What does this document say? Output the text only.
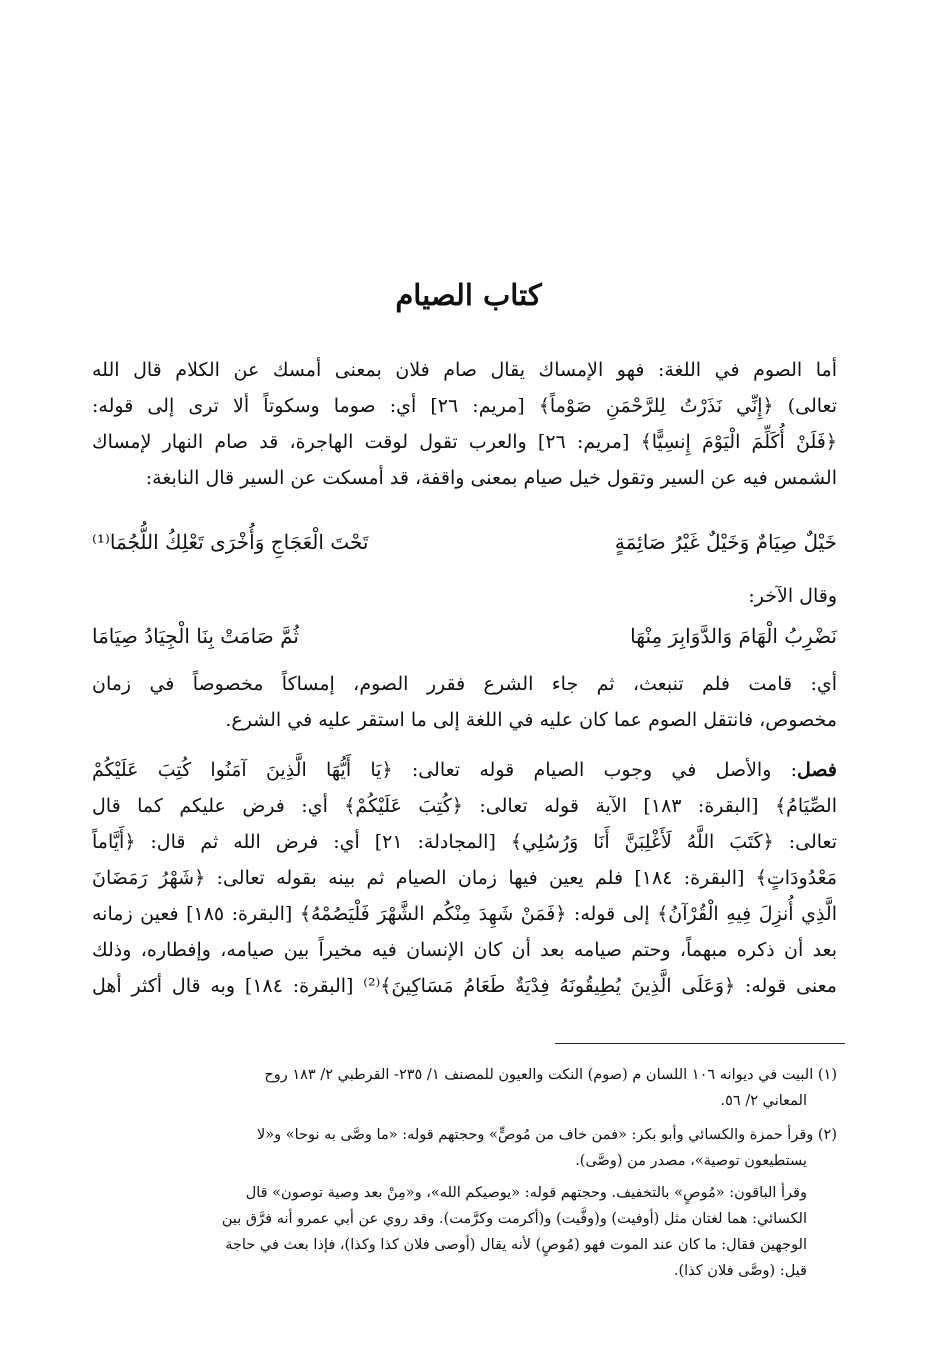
كتاب الصيام
أما الصوم في اللغة: فهو الإمساك يقال صام فلان بمعنى أمسك عن الكلام قال الله
تعالى) ﴿إِنِّي نَذَرْتُ لِلرَّحْمَنِ صَوْماً﴾ [مريم: ٢٦] أي: صوما وسكوتاً ألا ترى إلى قوله:
﴿فَلَنْ أُكَلِّمَ الْيَوْمَ إِنسِيًّا﴾ [مريم: ٢٦] والعرب تقول لوقت الهاجرة، قد صام النهار لإمساك
الشمس فيه عن السير وتقول خيل صيام بمعنى واقفة، قد أمسكت عن السير قال النابغة:
خَيْلٌ صِيَامٌ وَخَيْلٌ غَيْرُ صَائِمَةٍ
تَحْتَ الْعَجَاجِ وَأُخْرَى تَعْلِكُ اللُّجُمَا⁽¹⁾
وقال الآخر:
نَضْرِبُ الْهَامَ وَالدَّوَابِرَ مِنْهَا
ثُمَّ صَامَتْ بِنَا الْجِيَادُ صِيَامَا
أي: قامت فلم تنبعث، ثم جاء الشرع فقرر الصوم، إمساكاً مخصوصاً في زمان
مخصوص، فانتقل الصوم عما كان عليه في اللغة إلى ما استقر عليه في الشرع.
فصل: والأصل في وجوب الصيام قوله تعالى: ﴿يَا أَيُّهَا الَّذِينَ آمَنُوا كُتِبَ عَلَيْكُمْ
الصِّيَامُ﴾ [البقرة: ١٨٣] الآية قوله تعالى: ﴿كُتِبَ عَلَيْكُمْ﴾ أي: فرض عليكم كما قال
تعالى: ﴿كَتَبَ اللَّهُ لَأَغْلِبَنَّ أَنَا وَرُسُلِي﴾ [المجادلة: ٢١] أي: فرض الله ثم قال: ﴿أَيَّاماً
مَعْدُودَاتٍ﴾ [البقرة: ١٨٤] فلم يعين فيها زمان الصيام ثم بينه بقوله تعالى: ﴿شَهْرُ رَمَضَانَ
الَّذِي أُنزِلَ فِيهِ الْقُرْآنُ﴾ إلى قوله: ﴿فَمَنْ شَهِدَ مِنْكُم الشَّهْرَ فَلْيَصُمْهُ﴾ [البقرة: ١٨٥] فعين زمانه
بعد أن ذكره مبهماً، وحتم صيامه بعد أن كان الإنسان فيه مخيراً بين صيامه، وإفطاره، وذلك
معنى قوله: ﴿وَعَلَى الَّذِينَ يُطِيقُونَهُ فِدْيَةٌ طَعَامُ مَسَاكِينَ﴾⁽²⁾ [البقرة: ١٨٤] وبه قال أكثر أهل
(١) البيت في ديوانه ١٠٦ اللسان م (صوم) النكت والعيون للمصنف ١/ ٢٣٥- القرطبي ٢/ ١٨٣ روح
المعاني ٢/ ٥٦.
(٢) وقرأ حمزة والكسائي وأبو بكر: «فمن خاف من مُوصٍّ» وحجتهم قوله: «ما وصَّى به نوحا» و«لا
يستطيعون توصية»، مصدر من (وصَّى).
وقرأ الباقون: «مُوصٍ» بالتخفيف. وحجتهم قوله: «يوصيكم الله»، و«مِنْ بعد وصية توصون» قال
الكسائي: هما لغتان مثل (أوفيت) و(وفَّيت) و(أكرمت وكرَّمت). وقد روي عن أبي عمرو أنه فرَّق بين
الوجهين فقال: ما كان عند الموت فهو (مُوصٍ) لأنه يقال (أوصى فلان كذا وكذا)، فإذا بعث في حاجة
قيل: (وصَّى فلان كذا).
